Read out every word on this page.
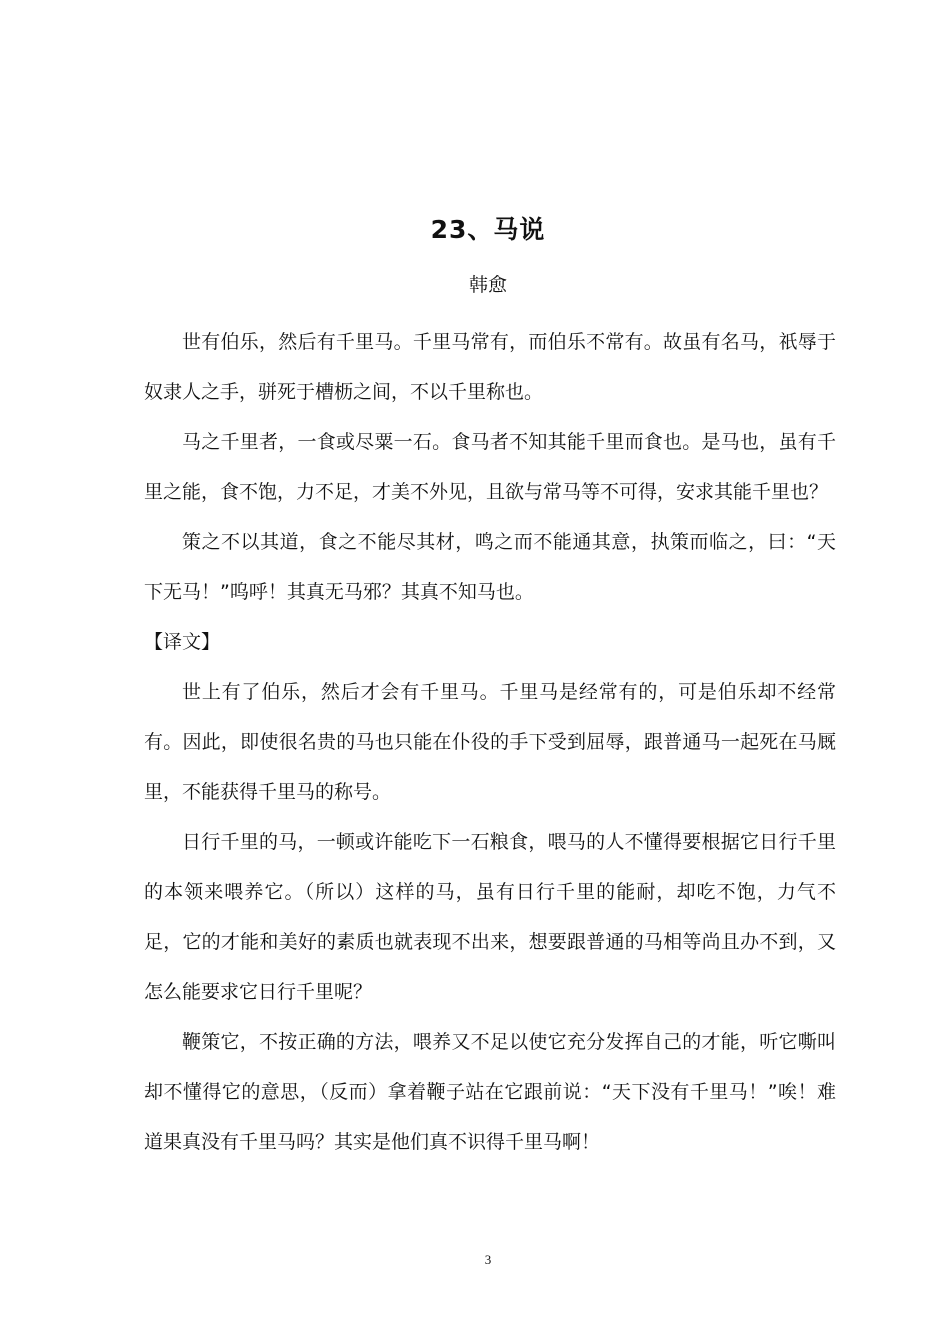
23、马说
韩愈

世有伯乐，然后有千里马。千里马常有，而伯乐不常有。故虽有名马，祇辱于奴隶人之手，骈死于槽枥之间，不以千里称也。

马之千里者，一食或尽粟一石。食马者不知其能千里而食也。是马也，虽有千里之能，食不饱，力不足，才美不外见，且欲与常马等不可得，安求其能千里也？

策之不以其道，食之不能尽其材，鸣之而不能通其意，执策而临之，曰：“天下无马！”呜呼！其真无马邪？其真不知马也。

【译文】

世上有了伯乐，然后才会有千里马。千里马是经常有的，可是伯乐却不经常有。因此，即使很名贵的马也只能在仆役的手下受到屈辱，跟普通马一起死在马厩里，不能获得千里马的称号。

日行千里的马，一顿或许能吃下一石粮食，喂马的人不懂得要根据它日行千里的本领来喂养它。（所以）这样的马，虽有日行千里的能耐，却吃不饱，力气不足，它的才能和美好的素质也就表现不出来，想要跟普通的马相等尚且办不到，又怎么能要求它日行千里呢？

鞭策它，不按正确的方法，喂养又不足以使它充分发挥自己的才能，听它嘶叫却不懂得它的意思，（反而）拿着鞭子站在它跟前说：“天下没有千里马！”唉！难道果真没有千里马吗？其实是他们真不识得千里马啊！

3
